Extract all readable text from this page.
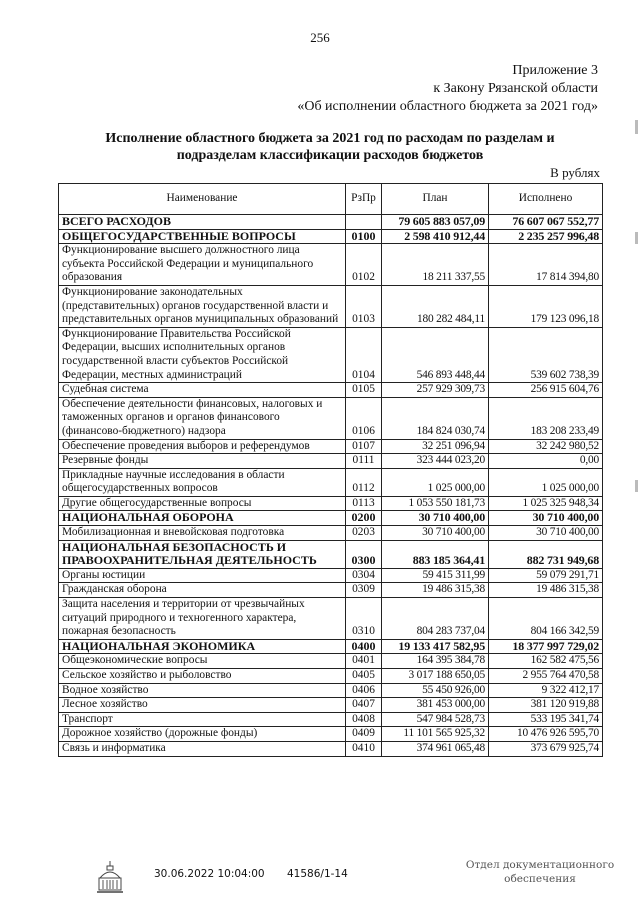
256
Приложение 3
к Закону Рязанской области
«Об исполнении областного бюджета за 2021 год»
Исполнение областного бюджета за 2021 год по расходам по разделам и
подразделам классификации расходов бюджетов
В рублях
Наименование	РзПр	План	Исполнено
ВСЕГО РАСХОДОВ		79 605 883 057,09	76 607 067 552,77
ОБЩЕГОСУДАРСТВЕННЫЕ ВОПРОСЫ	0100	2 598 410 912,44	2 235 257 996,48
Функционирование высшего должностного лица субъекта Российской Федерации и муниципального образования	0102	18 211 337,55	17 814 394,80
Функционирование законодательных (представительных) органов государственной власти и представительных органов муниципальных образований	0103	180 282 484,11	179 123 096,18
Функционирование Правительства Российской Федерации, высших исполнительных органов государственной власти субъектов Российской Федерации, местных администраций	0104	546 893 448,44	539 602 738,39
Судебная система	0105	257 929 309,73	256 915 604,76
Обеспечение деятельности финансовых, налоговых и таможенных органов и органов финансового (финансово-бюджетного) надзора	0106	184 824 030,74	183 208 233,49
Обеспечение проведения выборов и референдумов	0107	32 251 096,94	32 242 980,52
Резервные фонды	0111	323 444 023,20	0,00
Прикладные научные исследования в области общегосударственных вопросов	0112	1 025 000,00	1 025 000,00
Другие общегосударственные вопросы	0113	1 053 550 181,73	1 025 325 948,34
НАЦИОНАЛЬНАЯ ОБОРОНА	0200	30 710 400,00	30 710 400,00
Мобилизационная и вневойсковая подготовка	0203	30 710 400,00	30 710 400,00
НАЦИОНАЛЬНАЯ БЕЗОПАСНОСТЬ И ПРАВООХРАНИТЕЛЬНАЯ ДЕЯТЕЛЬНОСТЬ	0300	883 185 364,41	882 731 949,68
Органы юстиции	0304	59 415 311,99	59 079 291,71
Гражданская оборона	0309	19 486 315,38	19 486 315,38
Защита населения и территории от чрезвычайных ситуаций природного и техногенного характера, пожарная безопасность	0310	804 283 737,04	804 166 342,59
НАЦИОНАЛЬНАЯ ЭКОНОМИКА	0400	19 133 417 582,95	18 377 997 729,02
Общеэкономические вопросы	0401	164 395 384,78	162 582 475,56
Сельское хозяйство и рыболовство	0405	3 017 188 650,05	2 955 764 470,58
Водное хозяйство	0406	55 450 926,00	9 322 412,17
Лесное хозяйство	0407	381 453 000,00	381 120 919,88
Транспорт	0408	547 984 528,73	533 195 341,74
Дорожное хозяйство (дорожные фонды)	0409	11 101 565 925,32	10 476 926 595,70
Связь и информатика	0410	374 961 065,48	373 679 925,74
30.06.2022 10:04:00 41586/1-14
Отдел документационного обеспечения
